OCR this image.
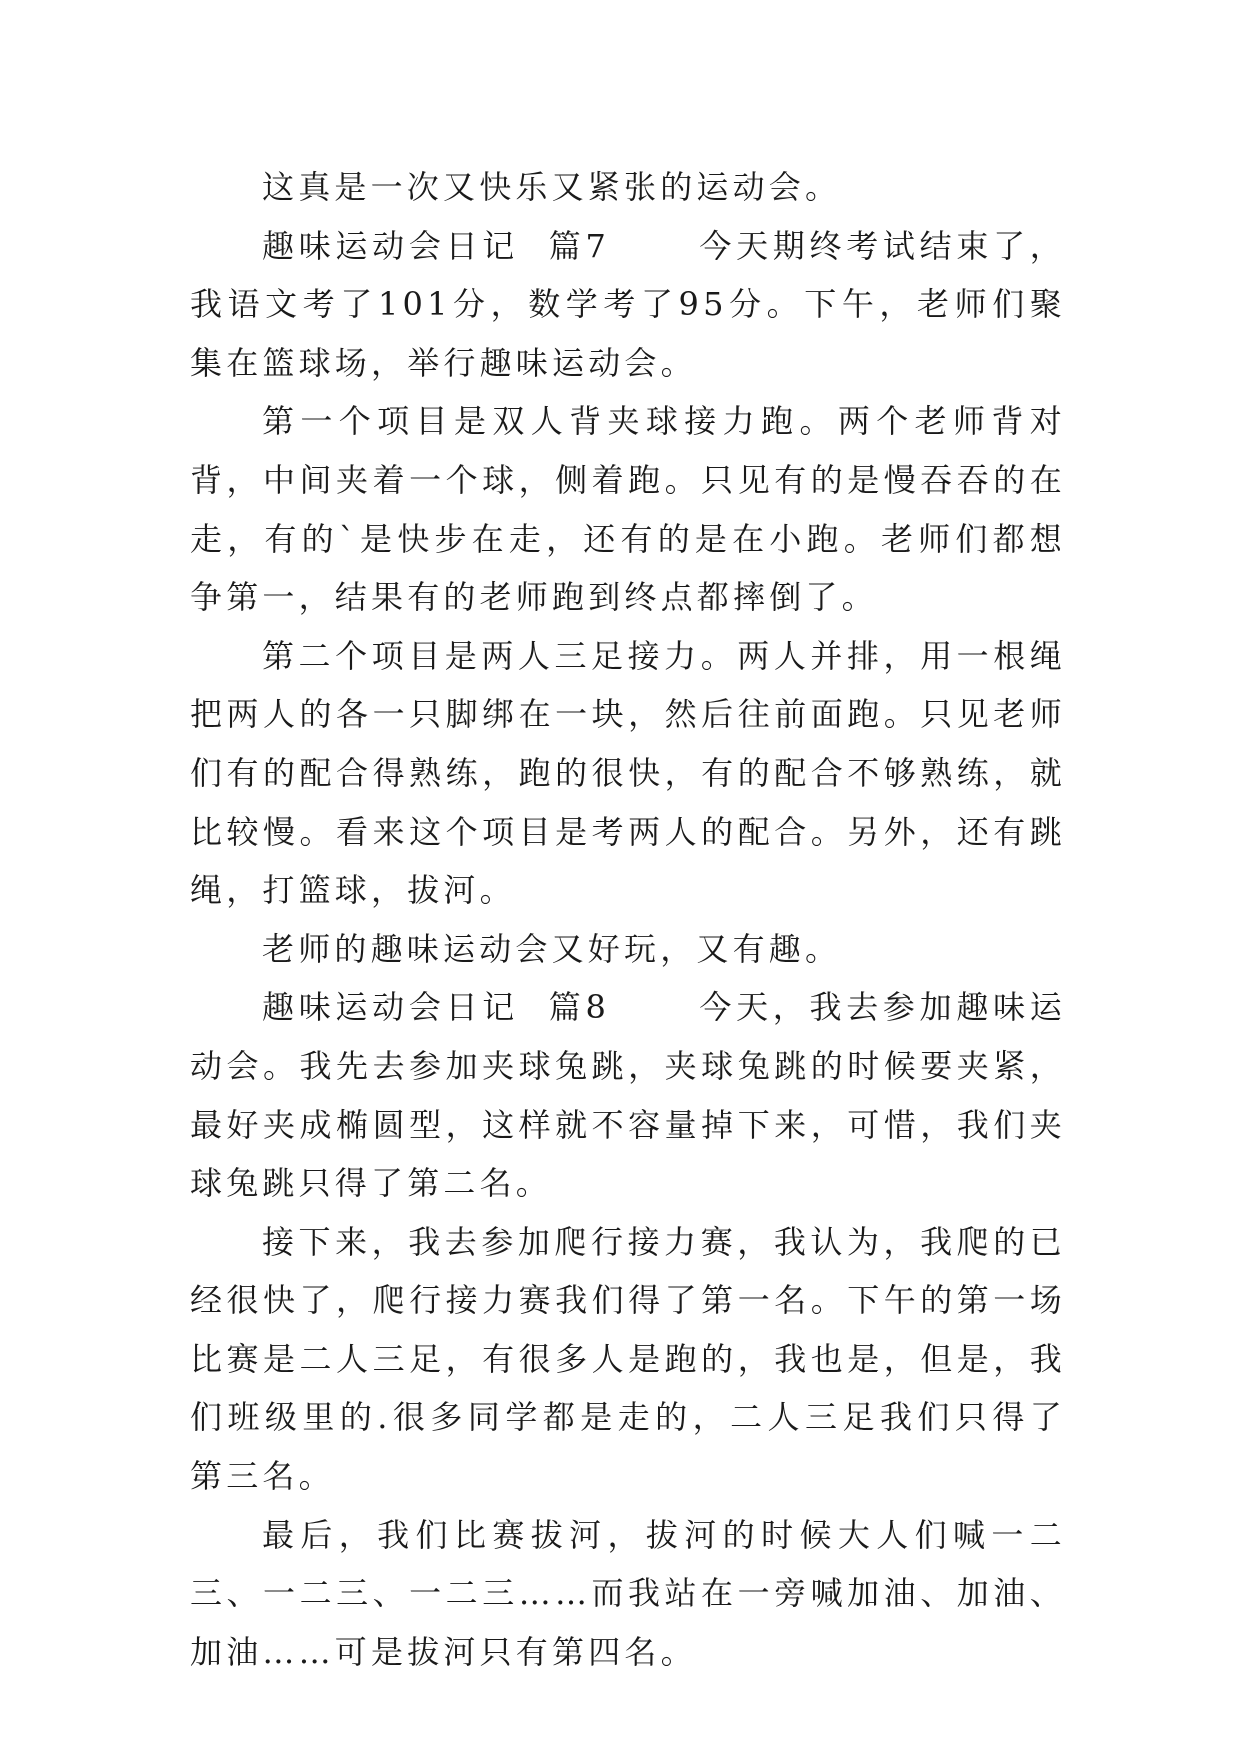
这真是一次又快乐又紧张的运动会。

趣味运动会日记  篇7      今天期终考试结束了，我语文考了101分，数学考了95分。下午，老师们聚集在篮球场，举行趣味运动会。

第一个项目是双人背夹球接力跑。两个老师背对背，中间夹着一个球，侧着跑。只见有的是慢吞吞的在走，有的`是快步在走，还有的是在小跑。老师们都想争第一，结果有的老师跑到终点都摔倒了。

第二个项目是两人三足接力。两人并排，用一根绳把两人的各一只脚绑在一块，然后往前面跑。只见老师们有的配合得熟练，跑的很快，有的配合不够熟练，就比较慢。看来这个项目是考两人的配合。另外，还有跳绳，打篮球，拔河。

老师的趣味运动会又好玩，又有趣。

趣味运动会日记  篇8      今天，我去参加趣味运动会。我先去参加夹球兔跳，夹球兔跳的时候要夹紧，最好夹成椭圆型，这样就不容量掉下来，可惜，我们夹球兔跳只得了第二名。

接下来，我去参加爬行接力赛，我认为，我爬的已经很快了，爬行接力赛我们得了第一名。下午的第一场比赛是二人三足，有很多人是跑的，我也是，但是，我们班级里的.很多同学都是走的，二人三足我们只得了第三名。

最后，我们比赛拔河，拔河的时候大人们喊一二三、一二三、一二三……而我站在一旁喊加油、加油、加油……可是拔河只有第四名。
